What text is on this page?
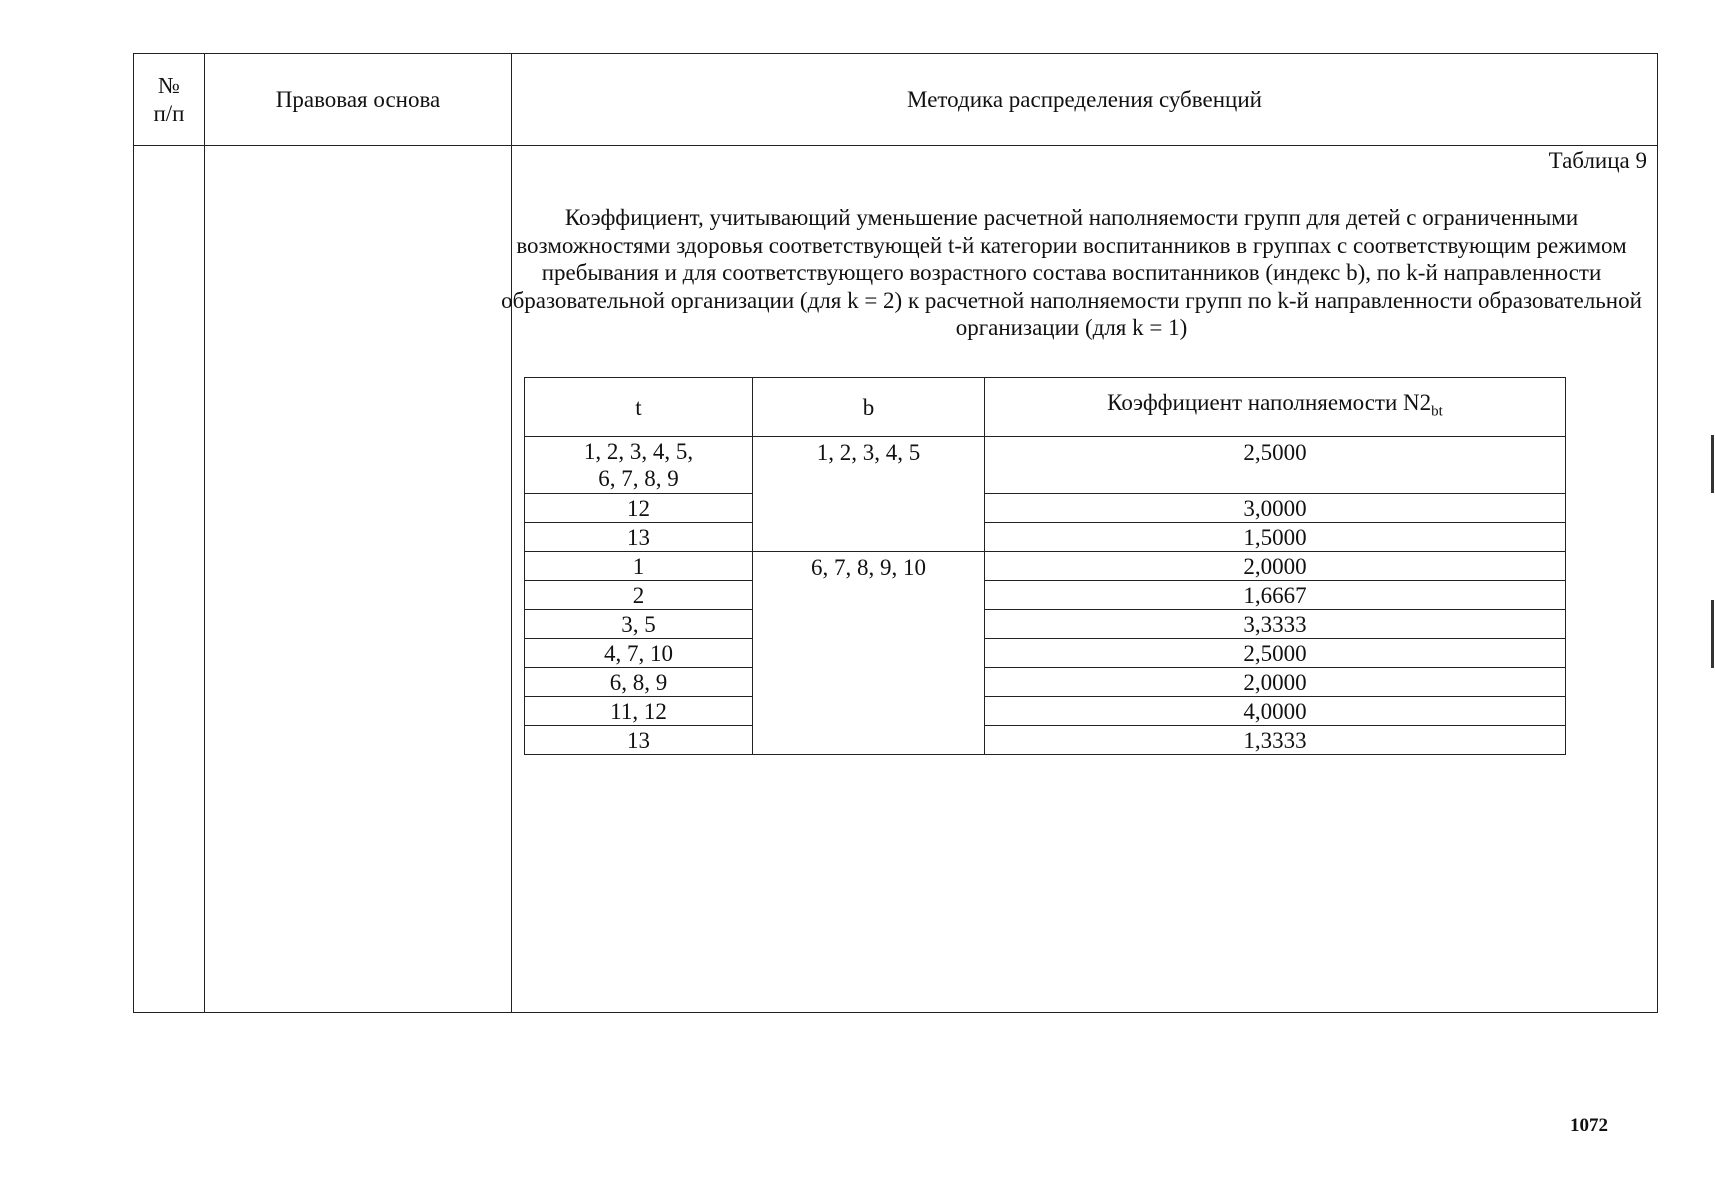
№
п/п
Правовая основа	Методика распределения субвенций
Таблица 9
Коэффициент, учитывающий уменьшение расчетной наполняемости групп для детей с ограниченными возможностями здоровья соответствующей t-й категории воспитанников в группах с соответствующим режимом пребывания и для соответствующего возрастного состава воспитанников (индекс b), по k-й направленности образовательной организации (для k = 2) к расчетной наполняемости групп по k-й направленности образовательной организации (для k = 1)
t	b	Коэффициент наполняемости $N2_{bt}$
1, 2, 3, 4, 5,
6, 7, 8, 9	1, 2, 3, 4, 5	2,5000
12		3,0000
13		1,5000
1	6, 7, 8, 9, 10	2,0000
2		1,6667
3, 5		3,3333
4, 7, 10		2,5000
6, 8, 9		2,0000
11, 12		4,0000
13		1,3333
1072
